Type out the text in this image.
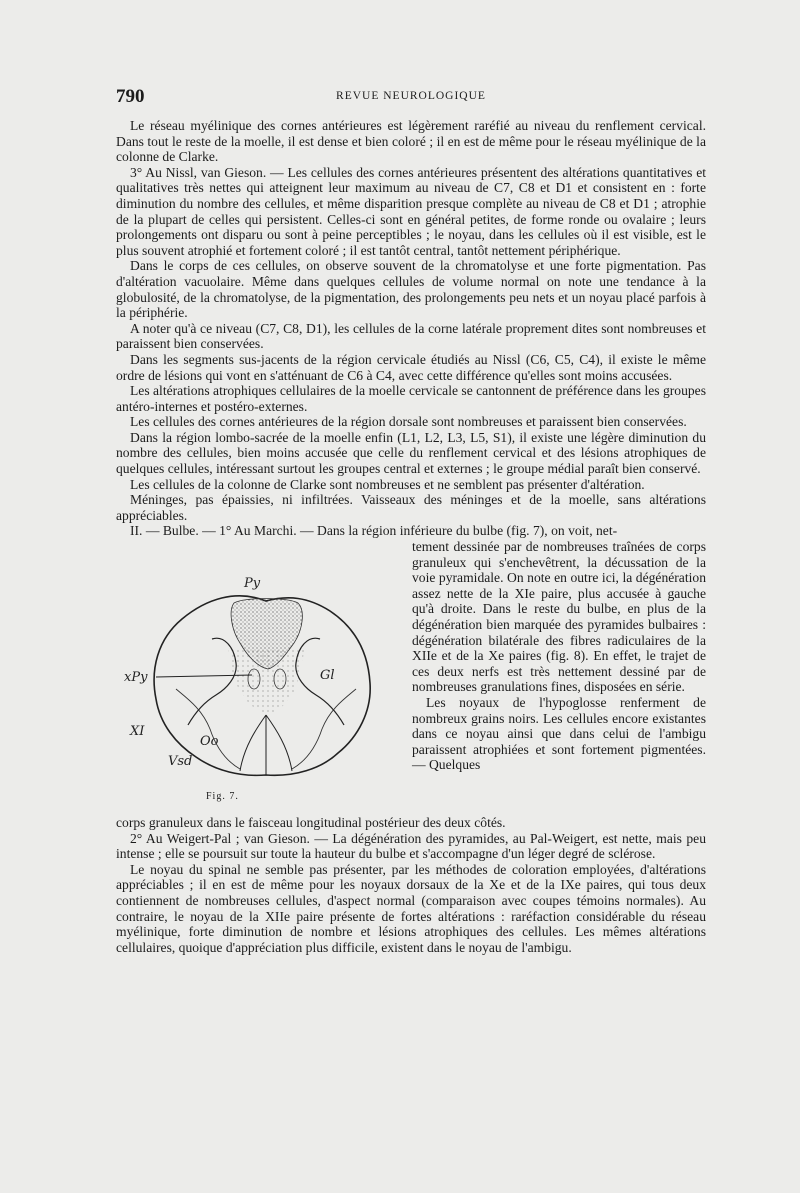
790	REVUE NEUROLOGIQUE

Le réseau myélinique des cornes antérieures est légèrement raréfié au niveau du renflement cervical. Dans tout le reste de la moelle, il est dense et bien coloré ; il en est de même pour le réseau myélinique de la colonne de Clarke.

3° Au Nissl, van Gieson. — Les cellules des cornes antérieures présentent des altérations quantitatives et qualitatives très nettes qui atteignent leur maximum au niveau de C7, C8 et D1 et consistent en : forte diminution du nombre des cellules, et même disparition presque complète au niveau de C8 et D1 ; atrophie de la plupart de celles qui persistent. Celles-ci sont en général petites, de forme ronde ou ovalaire ; leurs prolongements ont disparu ou sont à peine perceptibles ; le noyau, dans les cellules où il est visible, est le plus souvent atrophié et fortement coloré ; il est tantôt central, tantôt nettement périphérique.

Dans le corps de ces cellules, on observe souvent de la chromatolyse et une forte pigmentation. Pas d'altération vacuolaire. Même dans quelques cellules de volume normal on note une tendance à la globulosité, de la chromatolyse, de la pigmentation, des prolongements peu nets et un noyau placé parfois à la périphérie.

A noter qu'à ce niveau (C7, C8, D1), les cellules de la corne latérale proprement dites sont nombreuses et paraissent bien conservées.

Dans les segments sus-jacents de la région cervicale étudiés au Nissl (C6, C5, C4), il existe le même ordre de lésions qui vont en s'atténuant de C6 à C4, avec cette différence qu'elles sont moins accusées.

Les altérations atrophiques cellulaires de la moelle cervicale se cantonnent de préférence dans les groupes antéro-internes et postéro-externes.

Les cellules des cornes antérieures de la région dorsale sont nombreuses et paraissent bien conservées.

Dans la région lombo-sacrée de la moelle enfin (L1, L2, L3, L5, S1), il existe une légère diminution du nombre des cellules, bien moins accusée que celle du renflement cervical et des lésions atrophiques de quelques cellules, intéressant surtout les groupes central et externes ; le groupe médial paraît bien conservé.

Les cellules de la colonne de Clarke sont nombreuses et ne semblent pas présenter d'altération.

Méninges, pas épaissies, ni infiltrées. Vaisseaux des méninges et de la moelle, sans altérations appréciables.

II. — Bulbe. — 1° Au Marchi. — Dans la région inférieure du bulbe (fig. 7), on voit, net-

Py
xPy	Gl
XI
Oo
Vsd
Fig. 7.

tement dessinée par de nombreuses traînées de corps granuleux qui s'enchevêtrent, la décussation de la voie pyramidale. On note en outre ici, la dégénération assez nette de la XIe paire, plus accusée à gauche qu'à droite. Dans le reste du bulbe, en plus de la dégénération bien marquée des pyramides bulbaires : dégénération bilatérale des fibres radiculaires de la XIIe et de la Xe paires (fig. 8). En effet, le trajet de ces deux nerfs est très nettement dessiné par de nombreuses granulations fines, disposées en série.

Les noyaux de l'hypoglosse renferment de nombreux grains noirs. Les cellules encore existantes dans ce noyau ainsi que dans celui de l'ambigu paraissent atrophiées et sont fortement pigmentées. — Quelques

corps granuleux dans le faisceau longitudinal postérieur des deux côtés.

2° Au Weigert-Pal ; van Gieson. — La dégénération des pyramides, au Pal-Weigert, est nette, mais peu intense ; elle se poursuit sur toute la hauteur du bulbe et s'accompagne d'un léger degré de sclérose.

Le noyau du spinal ne semble pas présenter, par les méthodes de coloration employées, d'altérations appréciables ; il en est de même pour les noyaux dorsaux de la Xe et de la IXe paires, qui tous deux contiennent de nombreuses cellules, d'aspect normal (comparaison avec coupes témoins normales). Au contraire, le noyau de la XIIe paire présente de fortes altérations : raréfaction considérable du réseau myélinique, forte diminution de nombre et lésions atrophiques des cellules. Les mêmes altérations cellulaires, quoique d'appréciation plus difficile, existent dans le noyau de l'ambigu.
